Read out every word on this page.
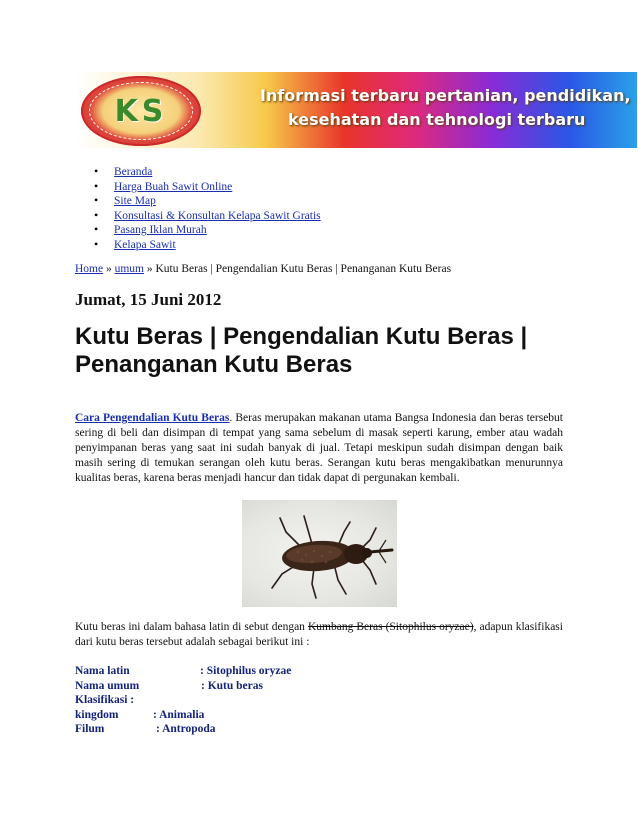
KS	Informasi terbaru pertanian, pendidikan,
kesehatan dan tehnologi terbaru
• Beranda
• Harga Buah Sawit Online
• Site Map
• Konsultasi & Konsultan Kelapa Sawit Gratis
• Pasang Iklan Murah
• Kelapa Sawit
Home » umum » Kutu Beras | Pengendalian Kutu Beras | Penanganan Kutu Beras
Jumat, 15 Juni 2012
Kutu Beras | Pengendalian Kutu Beras | Penanganan Kutu Beras

Cara Pengendalian Kutu Beras. Beras merupakan makanan utama Bangsa Indonesia dan beras tersebut sering di beli dan disimpan di tempat yang sama sebelum di masak seperti karung, ember atau wadah penyimpanan beras yang saat ini sudah banyak di jual. Tetapi meskipun sudah disimpan dengan baik masih sering di temukan serangan oleh kutu beras. Serangan kutu beras mengakibatkan menurunnya kualitas beras, karena beras menjadi hancur dan tidak dapat di pergunakan kembali.

Kutu beras ini dalam bahasa latin di sebut dengan Kumbang Beras (Sitophilus oryzae), adapun klasifikasi dari kutu beras tersebut adalah sebagai berikut ini :

Nama latin	: Sitophilus oryzae
Nama umum	: Kutu beras
Klasifikasi :
kingdom	: Animalia
Filum	: Antropoda
